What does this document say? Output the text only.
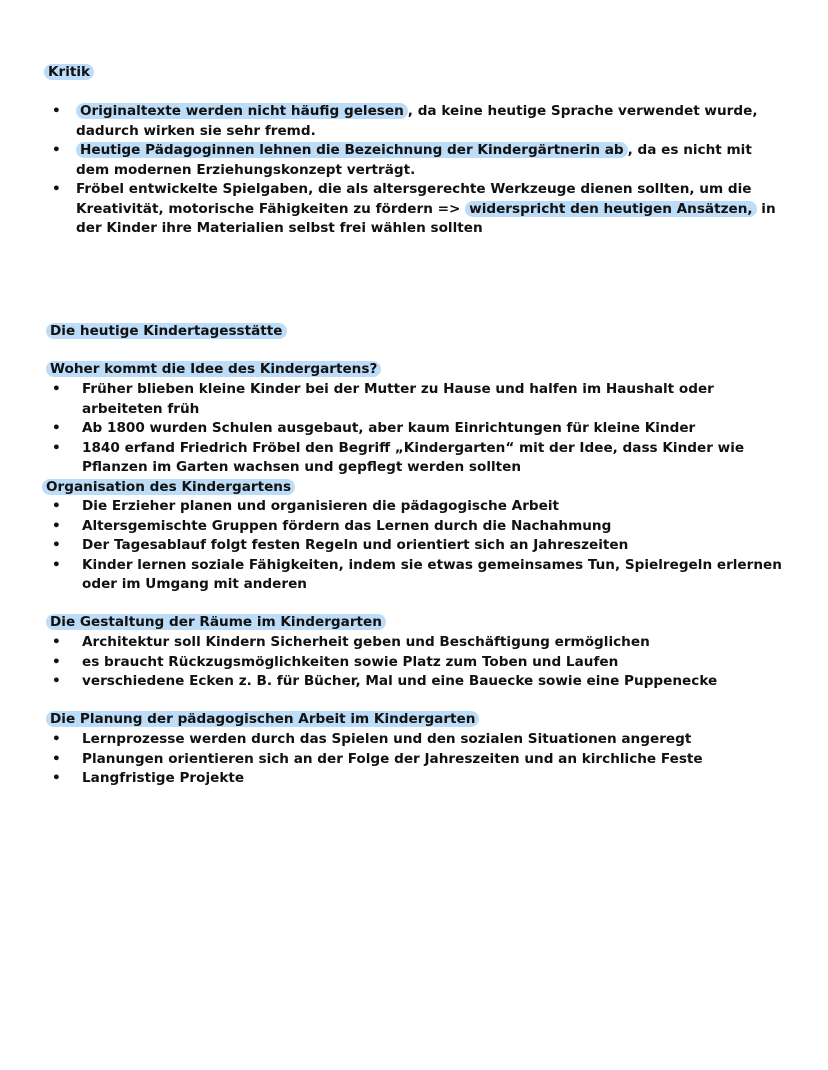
Kritik
• Originaltexte werden nicht häufig gelesen , da keine heutige Sprache verwendet wurde, dadurch wirken sie sehr fremd.
• Heutige Pädagoginnen lehnen die Bezeichnung der Kindergärtnerin ab , da es nicht mit dem modernen Erziehungskonzept verträgt.
• Fröbel entwickelte Spielgaben, die als altersgerechte Werkzeuge dienen sollten, um die Kreativität, motorische Fähigkeiten zu fördern => widerspricht den heutigen Ansätzen, in der Kinder ihre Materialien selbst frei wählen sollten
Die heutige Kindertagesstätte
Woher kommt die Idee des Kindergartens?
• Früher blieben kleine Kinder bei der Mutter zu Hause und halfen im Haushalt oder arbeiteten früh
• Ab 1800 wurden Schulen ausgebaut, aber kaum Einrichtungen für kleine Kinder
• 1840 erfand Friedrich Fröbel den Begriff „Kindergarten“ mit der Idee, dass Kinder wie Pflanzen im Garten wachsen und gepflegt werden sollten
Organisation des Kindergartens
• Die Erzieher planen und organisieren die pädagogische Arbeit
• Altersgemischte Gruppen fördern das Lernen durch die Nachahmung
• Der Tagesablauf folgt festen Regeln und orientiert sich an Jahreszeiten
• Kinder lernen soziale Fähigkeiten, indem sie etwas gemeinsames Tun, Spielregeln erlernen oder im Umgang mit anderen
Die Gestaltung der Räume im Kindergarten
• Architektur soll Kindern Sicherheit geben und Beschäftigung ermöglichen
• es braucht Rückzugsmöglichkeiten sowie Platz zum Toben und Laufen
• verschiedene Ecken z. B. für Bücher, Mal und eine Bauecke sowie eine Puppenecke
Die Planung der pädagogischen Arbeit im Kindergarten
• Lernprozesse werden durch das Spielen und den sozialen Situationen angeregt
• Planungen orientieren sich an der Folge der Jahreszeiten und an kirchliche Feste
• Langfristige Projekte
